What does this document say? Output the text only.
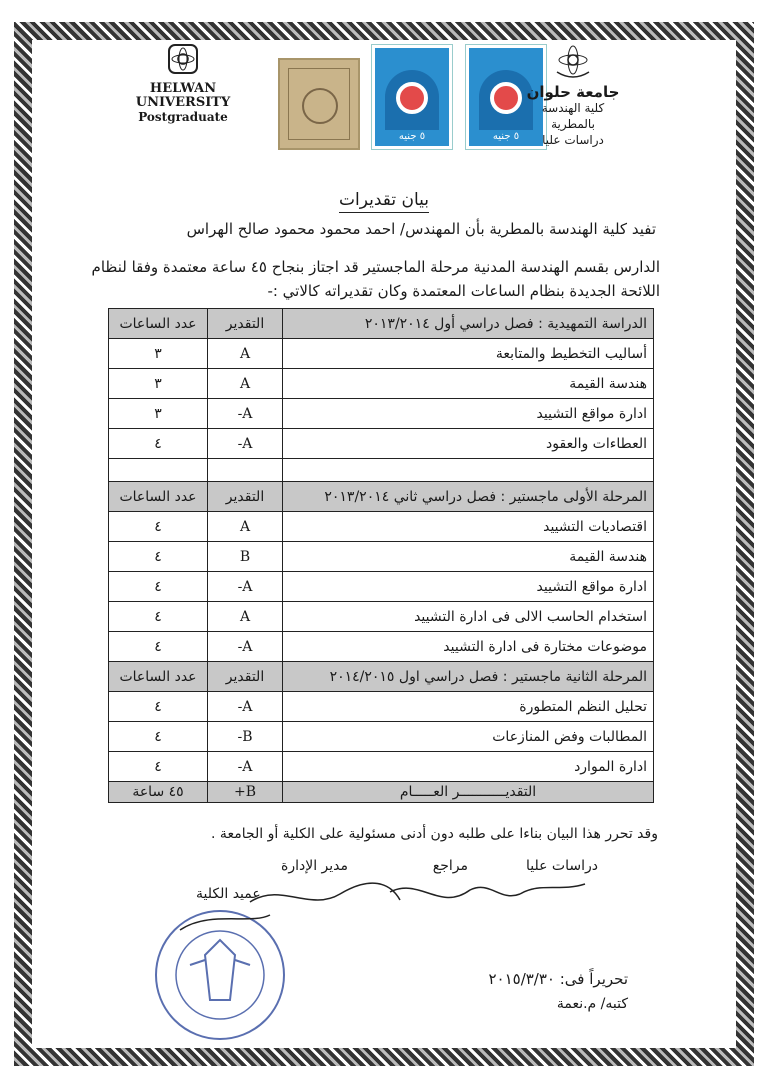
HELWAN
UNIVERSITY
Postgraduate
٥ جنيه	٥ جنيه
جامعة حلوان
كلية الهندسة بالمطرية
دراسات عليا
بيان تقديرات
تفيد كلية الهندسة بالمطرية بأن المهندس/ احمد محمود محمود صالح الهراس
الدارس بقسم الهندسة المدنية مرحلة الماجستير قد اجتاز بنجاح ٤٥ ساعة معتمدة وفقا لنظام
اللائحة الجديدة بنظام الساعات المعتمدة وكان تقديراته كالاتي :-
الدراسة التمهيدية : فصل دراسي أول ٢٠١٣/٢٠١٤	التقدير	عدد الساعات
أساليب التخطيط والمتابعة	A	٣
هندسة القيمة	A	٣
ادارة مواقع التشييد	A-	٣
العطاءات والعقود	A-	٤

المرحلة الأولى ماجستير : فصل دراسي ثاني ٢٠١٣/٢٠١٤	التقدير	عدد الساعات
اقتصاديات التشييد	A	٤
هندسة القيمة	B	٤
ادارة مواقع التشييد	A-	٤
استخدام الحاسب الالى فى ادارة التشييد	A	٤
موضوعات مختارة فى ادارة التشييد	A-	٤
المرحلة الثانية ماجستير : فصل دراسي اول ٢٠١٤/٢٠١٥	التقدير	عدد الساعات
تحليل النظم المتطورة	A-	٤
المطالبات وفض المنازعات	B-	٤
ادارة الموارد	A-	٤
التقديـــــــــــر العـــــام	B+	٤٥ ساعة
وقد تحرر هذا البيان بناءا على طلبه دون أدنى مسئولية على الكلية أو الجامعة .
دراسات عليا
مراجع
مدير الإدارة
عميد الكلية
تحريراً فى: ٢٠١٥/٣/٣٠
كتبه/ م.نعمة
